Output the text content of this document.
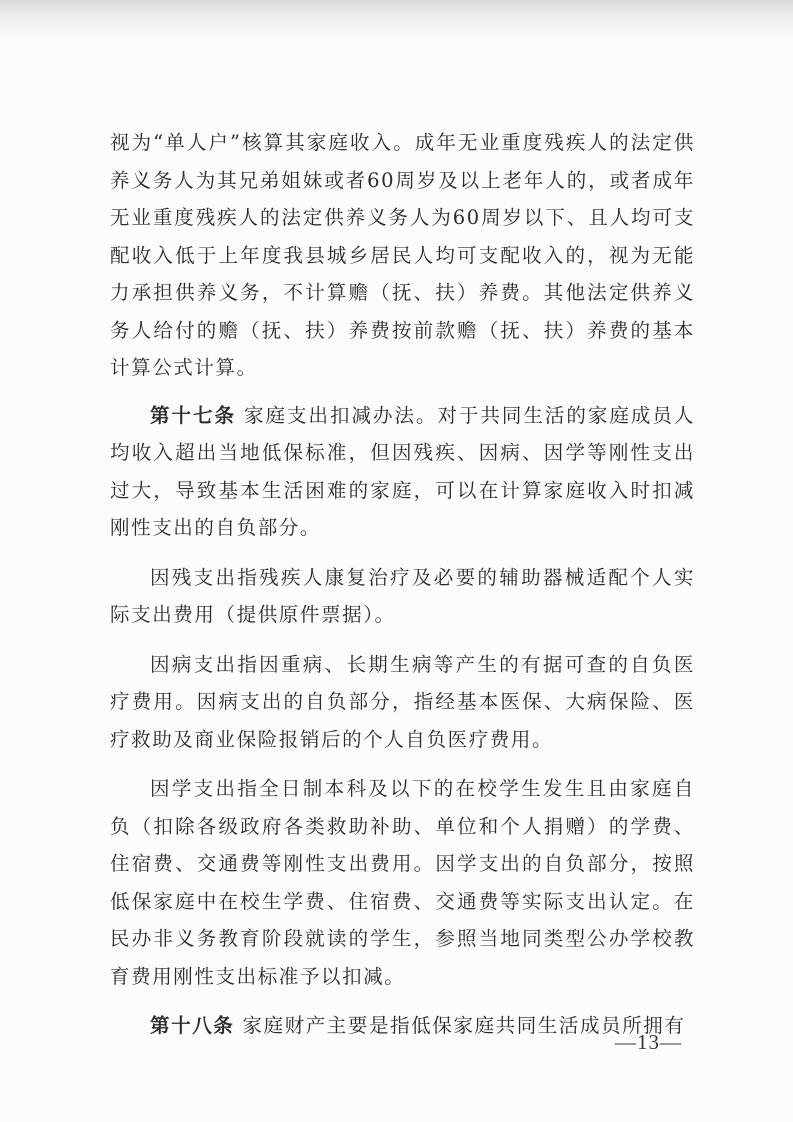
视为“单人户”核算其家庭收入。成年无业重度残疾人的法定供养义务人为其兄弟姐妹或者60周岁及以上老年人的，或者成年无业重度残疾人的法定供养义务人为60周岁以下、且人均可支配收入低于上年度我县城乡居民人均可支配收入的，视为无能力承担供养义务，不计算赡（抚、扶）养费。其他法定供养义务人给付的赡（抚、扶）养费按前款赡（抚、扶）养费的基本计算公式计算。

第十七条 家庭支出扣减办法。对于共同生活的家庭成员人均收入超出当地低保标准，但因残疾、因病、因学等刚性支出过大，导致基本生活困难的家庭，可以在计算家庭收入时扣减刚性支出的自负部分。

因残支出指残疾人康复治疗及必要的辅助器械适配个人实际支出费用（提供原件票据）。

因病支出指因重病、长期生病等产生的有据可查的自负医疗费用。因病支出的自负部分，指经基本医保、大病保险、医疗救助及商业保险报销后的个人自负医疗费用。

因学支出指全日制本科及以下的在校学生发生且由家庭自负（扣除各级政府各类救助补助、单位和个人捐赠）的学费、住宿费、交通费等刚性支出费用。因学支出的自负部分，按照低保家庭中在校生学费、住宿费、交通费等实际支出认定。在民办非义务教育阶段就读的学生，参照当地同类型公办学校教育费用刚性支出标准予以扣减。

第十八条 家庭财产主要是指低保家庭共同生活成员所拥有

—13—
